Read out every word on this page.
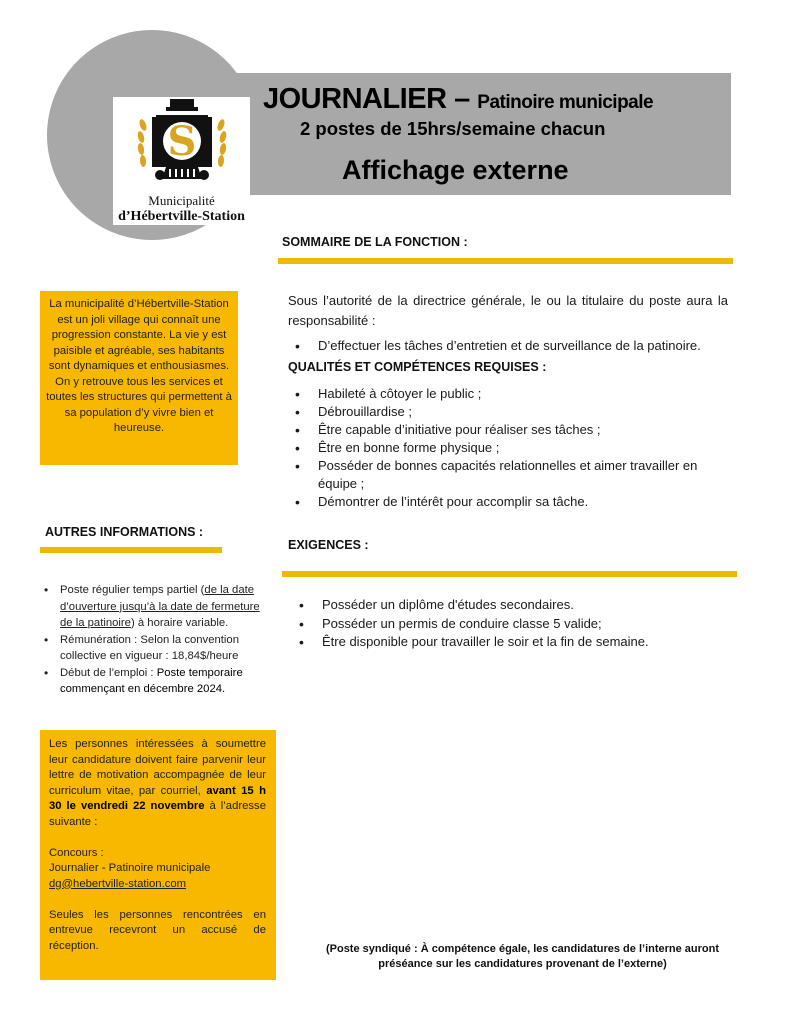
S
Municipalité
d’Hébertville-Station
JOURNALIER – Patinoire municipale
2 postes de 15hrs/semaine chacun
Affichage externe
SOMMAIRE DE LA FONCTION :
Sous l’autorité de la directrice générale, le ou la titulaire du poste aura la responsabilité :
• D’effectuer les tâches d’entretien et de surveillance de la patinoire.
QUALITÉS ET COMPÉTENCES REQUISES :
• Habileté à côtoyer le public ;
• Débrouillardise ;
• Être capable d’initiative pour réaliser ses tâches ;
• Être en bonne forme physique ;
• Posséder de bonnes capacités relationnelles et aimer travailler en équipe ;
• Démontrer de l’intérêt pour accomplir sa tâche.
EXIGENCES :
• Posséder un diplôme d'études secondaires.
• Posséder un permis de conduire classe 5 valide;
• Être disponible pour travailler le soir et la fin de semaine.
La municipalité d’Hébertville-Station est un joli village qui connaît une progression constante. La vie y est paisible et agréable, ses habitants sont dynamiques et enthousiasmes. On y retrouve tous les services et toutes les structures qui permettent à sa population d’y vivre bien et heureuse.
AUTRES INFORMATIONS :
• Poste régulier temps partiel (de la date d’ouverture jusqu’à la date de fermeture de la patinoire) à horaire variable.
• Rémunération : Selon la convention collective en vigueur : 18,84$/heure
• Début de l’emploi : Poste temporaire commençant en décembre 2024.

Les personnes intéressées à soumettre leur candidature doivent faire parvenir leur lettre de motivation accompagnée de leur curriculum vitae, par courriel, avant 15 h 30 le vendredi 22 novembre à l’adresse suivante :

Concours :

Journalier - Patinoire municipale

dg@hebertville-station.com

Seules les personnes rencontrées en entrevue recevront un accusé de réception.	(Poste syndiqué : À compétence égale, les candidatures de l’interne auront préséance sur les candidatures provenant de l’externe)
